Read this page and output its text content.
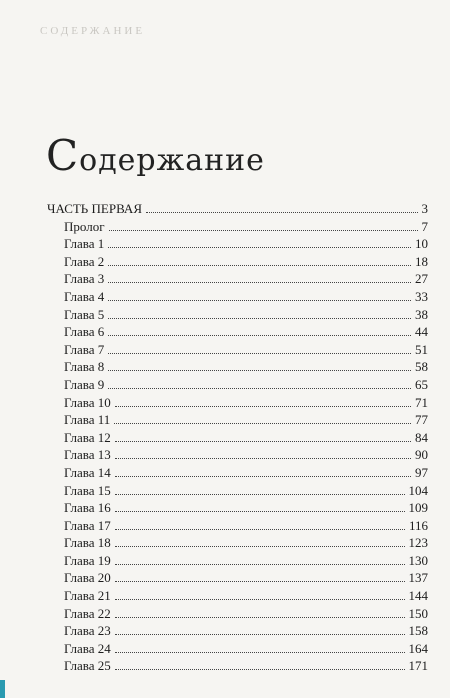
СОДЕРЖАНИЕ
Содержание
ЧАСТЬ ПЕРВАЯ	3
Пролог	7
Глава 1	10
Глава 2	18
Глава 3	27
Глава 4	33
Глава 5	38
Глава 6	44
Глава 7	51
Глава 8	58
Глава 9	65
Глава 10	71
Глава 11	77
Глава 12	84
Глава 13	90
Глава 14	97
Глава 15	104
Глава 16	109
Глава 17	116
Глава 18	123
Глава 19	130
Глава 20	137
Глава 21	144
Глава 22	150
Глава 23	158
Глава 24	164
Глава 25	171
